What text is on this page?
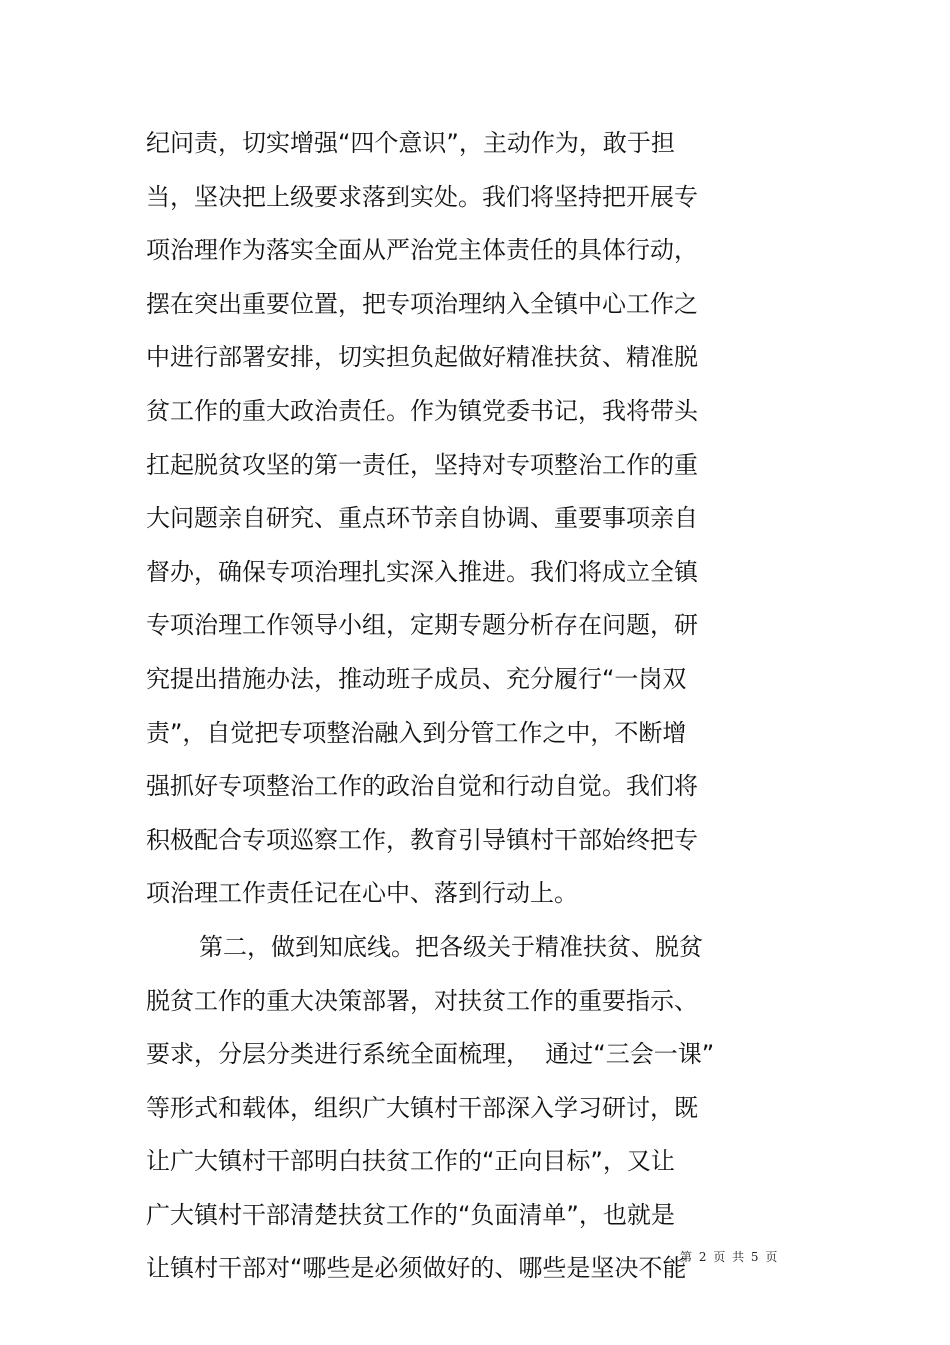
纪问责，切实增强“四个意识”，主动作为，敢于担
当，坚决把上级要求落到实处。我们将坚持把开展专
项治理作为落实全面从严治党主体责任的具体行动，
摆在突出重要位置，把专项治理纳入全镇中心工作之
中进行部署安排，切实担负起做好精准扶贫、精准脱
贫工作的重大政治责任。作为镇党委书记，我将带头
扛起脱贫攻坚的第一责任，坚持对专项整治工作的重
大问题亲自研究、重点环节亲自协调、重要事项亲自
督办，确保专项治理扎实深入推进。我们将成立全镇
专项治理工作领导小组，定期专题分析存在问题，研
究提出措施办法，推动班子成员、充分履行“一岗双
责”，自觉把专项整治融入到分管工作之中，不断增
强抓好专项整治工作的政治自觉和行动自觉。我们将
积极配合专项巡察工作，教育引导镇村干部始终把专
项治理工作责任记在心中、落到行动上。
第二，做到知底线。把各级关于精准扶贫、脱贫
脱贫工作的重大决策部署，对扶贫工作的重要指示、
要求，分层分类进行系统全面梳理，  通过“三会一课”
等形式和载体，组织广大镇村干部深入学习研讨，既
让广大镇村干部明白扶贫工作的“正向目标”，又让
广大镇村干部清楚扶贫工作的“负面清单”，也就是
让镇村干部对“哪些是必须做好的、哪些是坚决不能
第 2 页 共 5 页
